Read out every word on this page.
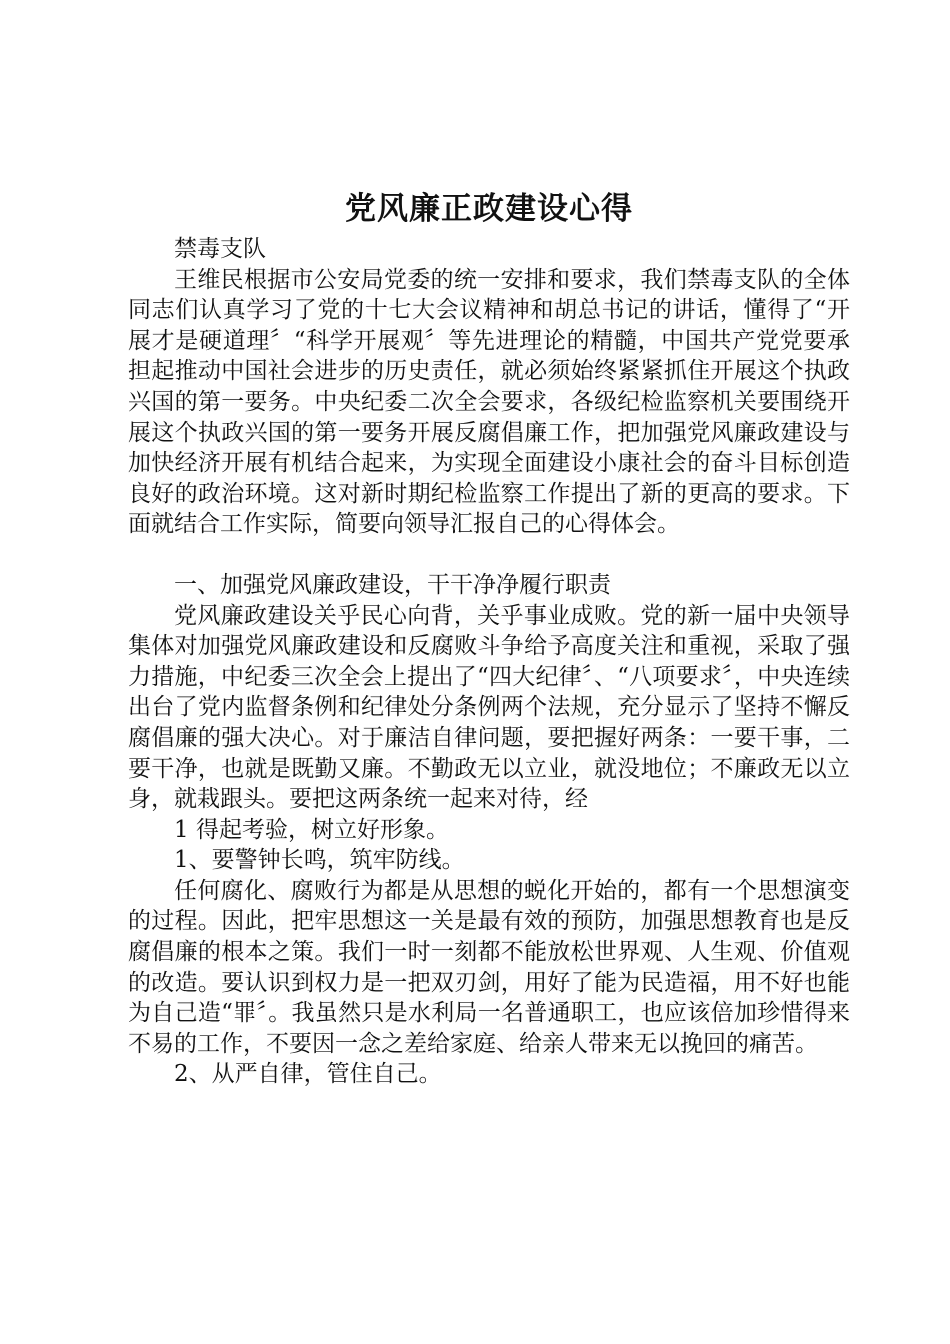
党风廉正政建设心得

禁毒支队

王维民根据市公安局党委的统一安排和要求，我们禁毒支队的全体同志们认真学习了党的十七大会议精神和胡总书记的讲话，懂得了“开展才是硬道理〞“科学开展观〞等先进理论的精髓，中国共产党党要承担起推动中国社会进步的历史责任，就必须始终紧紧抓住开展这个执政兴国的第一要务。中央纪委二次全会要求，各级纪检监察机关要围绕开展这个执政兴国的第一要务开展反腐倡廉工作，把加强党风廉政建设与加快经济开展有机结合起来，为实现全面建设小康社会的奋斗目标创造良好的政治环境。这对新时期纪检监察工作提出了新的更高的要求。下面就结合工作实际，简要向领导汇报自己的心得体会。

一、加强党风廉政建设，干干净净履行职责

党风廉政建设关乎民心向背，关乎事业成败。党的新一届中央领导集体对加强党风廉政建设和反腐败斗争给予高度关注和重视，采取了强力措施，中纪委三次全会上提出了“四大纪律〞、“八项要求〞，中央连续出台了党内监督条例和纪律处分条例两个法规，充分显示了坚持不懈反腐倡廉的强大决心。对于廉洁自律问题，要把握好两条：一要干事，二要干净，也就是既勤又廉。不勤政无以立业，就没地位；不廉政无以立身，就栽跟头。要把这两条统一起来对待，经

1 得起考验，树立好形象。

1、要警钟长鸣，筑牢防线。

任何腐化、腐败行为都是从思想的蜕化开始的，都有一个思想演变的过程。因此，把牢思想这一关是最有效的预防，加强思想教育也是反腐倡廉的根本之策。我们一时一刻都不能放松世界观、人生观、价值观的改造。要认识到权力是一把双刃剑，用好了能为民造福，用不好也能为自己造“罪〞。我虽然只是水利局一名普通职工，也应该倍加珍惜得来不易的工作，不要因一念之差给家庭、给亲人带来无以挽回的痛苦。

2、从严自律，管住自己。
